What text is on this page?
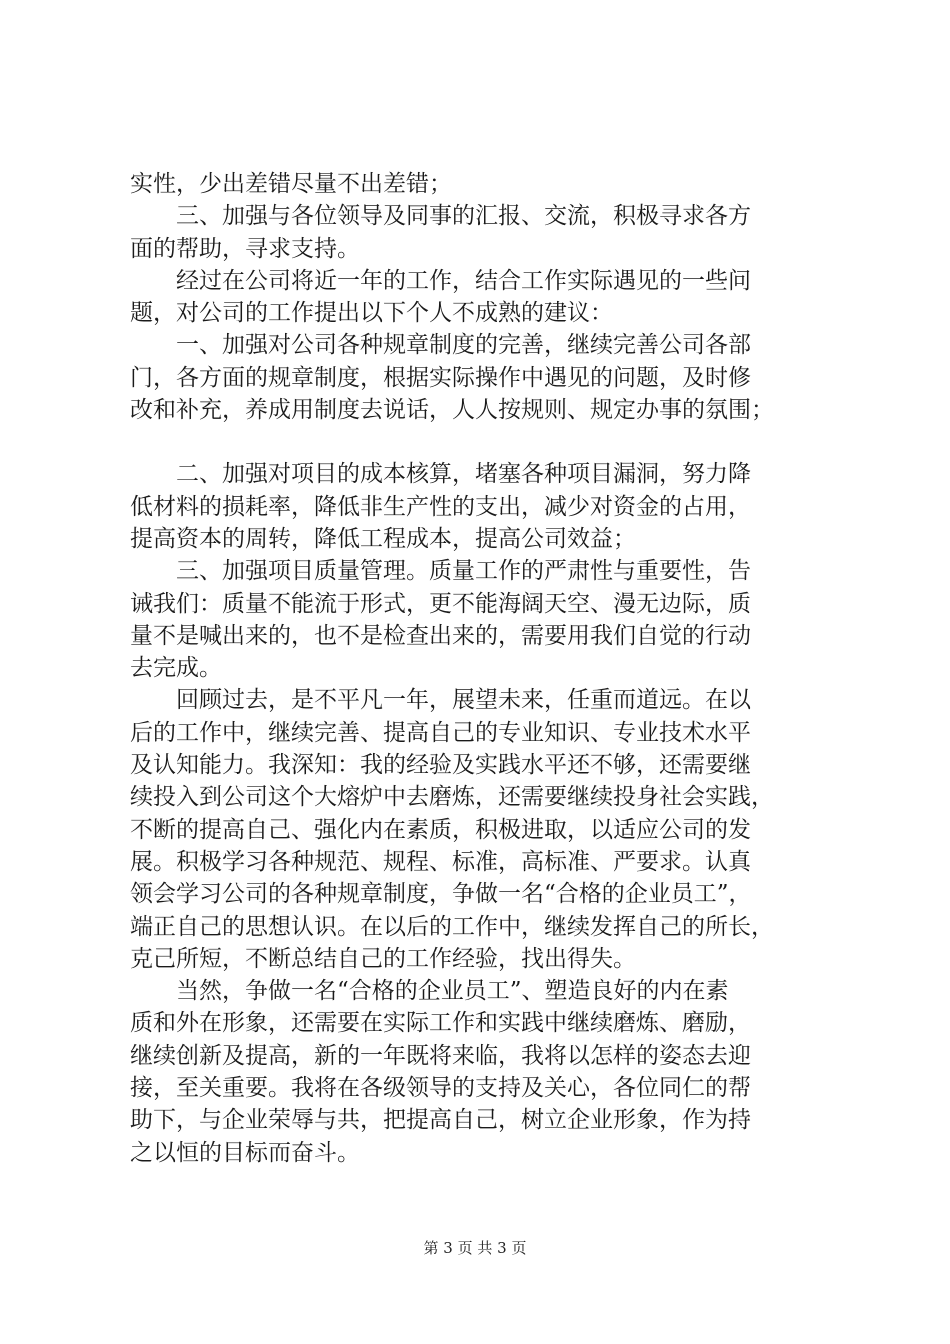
实性，少出差错尽量不出差错；
　　三、加强与各位领导及同事的汇报、交流，积极寻求各方
面的帮助，寻求支持。
　　经过在公司将近一年的工作，结合工作实际遇见的一些问
题，对公司的工作提出以下个人不成熟的建议：
　　一、加强对公司各种规章制度的完善，继续完善公司各部
门，各方面的规章制度，根据实际操作中遇见的问题，及时修
改和补充，养成用制度去说话，人人按规则、规定办事的氛围；
　　二、加强对项目的成本核算，堵塞各种项目漏洞，努力降
低材料的损耗率，降低非生产性的支出，减少对资金的占用，
提高资本的周转，降低工程成本，提高公司效益；
　　三、加强项目质量管理。质量工作的严肃性与重要性，告
诫我们：质量不能流于形式，更不能海阔天空、漫无边际，质
量不是喊出来的，也不是检查出来的，需要用我们自觉的行动
去完成。
　　回顾过去，是不平凡一年，展望未来，任重而道远。在以
后的工作中，继续完善、提高自己的专业知识、专业技术水平
及认知能力。我深知：我的经验及实践水平还不够，还需要继
续投入到公司这个大熔炉中去磨炼，还需要继续投身社会实践，
不断的提高自己、强化内在素质，积极进取，以适应公司的发
展。积极学习各种规范、规程、标准，高标准、严要求。认真
领会学习公司的各种规章制度，争做一名“合格的企业员工”，
端正自己的思想认识。在以后的工作中，继续发挥自己的所长，
克己所短，不断总结自己的工作经验，找出得失。
　　当然，争做一名“合格的企业员工”、塑造良好的内在素
质和外在形象，还需要在实际工作和实践中继续磨炼、磨励，
继续创新及提高，新的一年既将来临，我将以怎样的姿态去迎
接，至关重要。我将在各级领导的支持及关心，各位同仁的帮
助下，与企业荣辱与共，把提高自己，树立企业形象，作为持
之以恒的目标而奋斗。
第 3 页 共 3 页
